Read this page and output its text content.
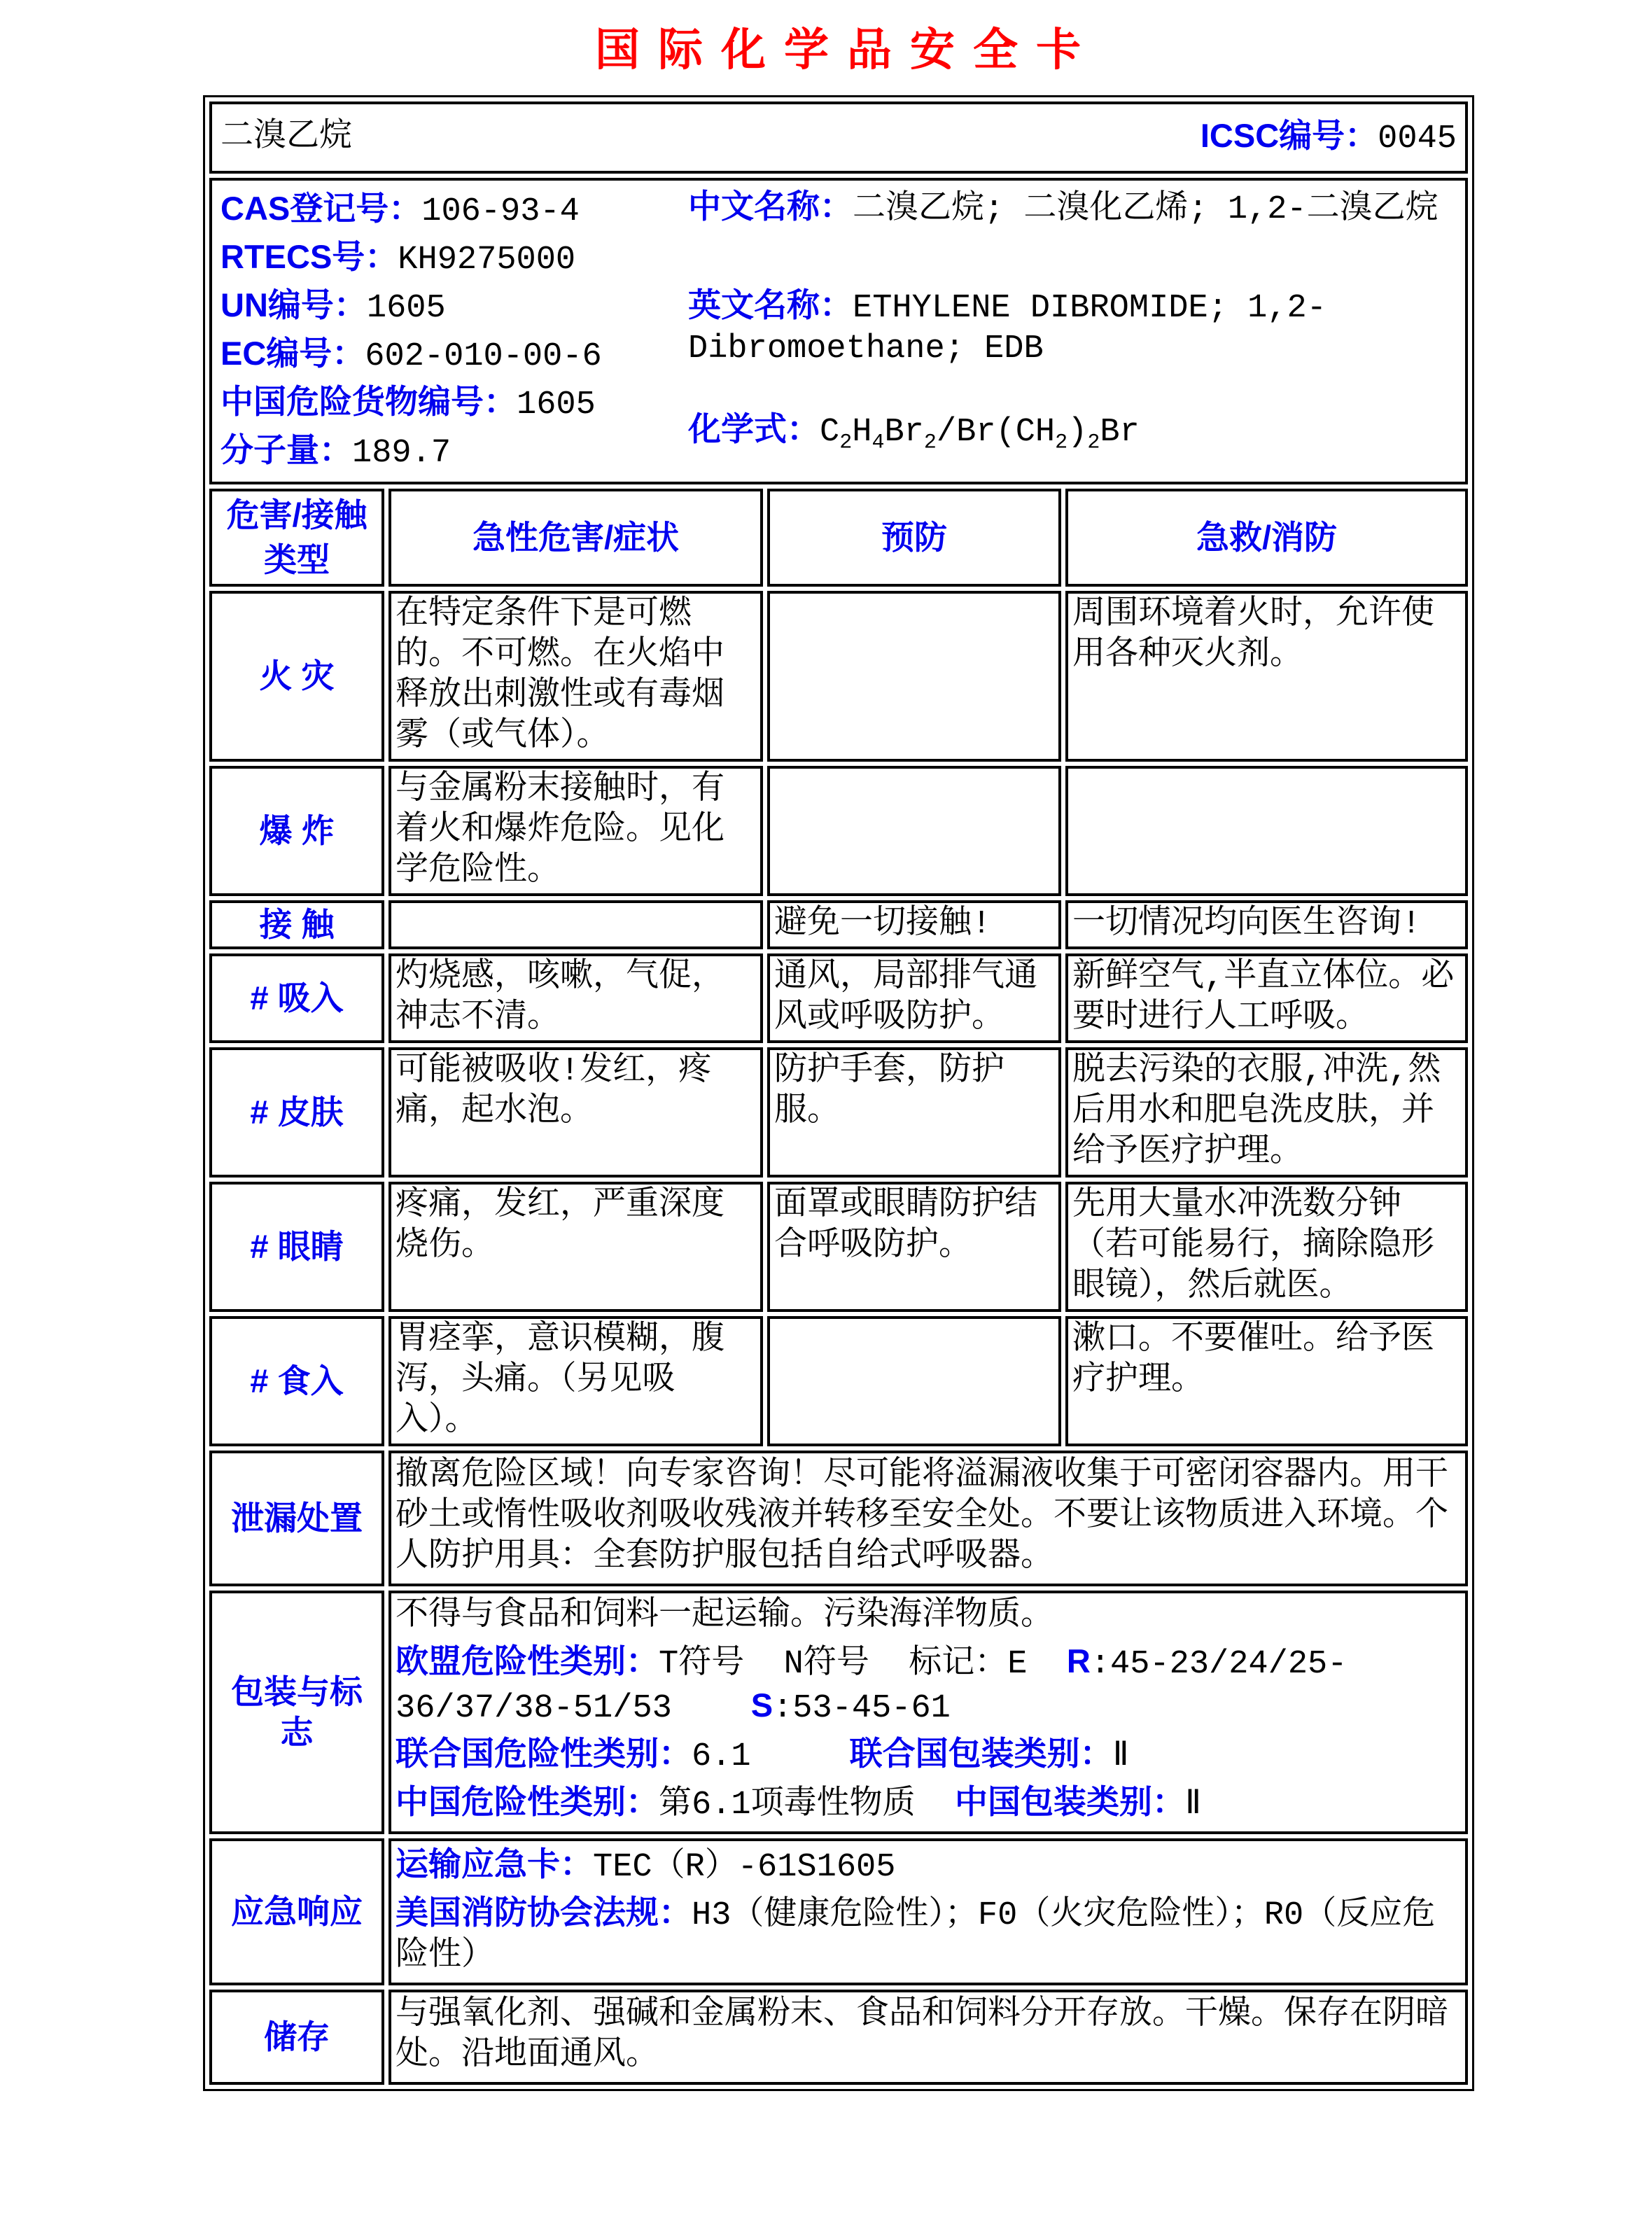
国际化学品安全卡
二溴乙烷 ICSC编号：0045			

CAS登记号：106-93-4

RTECS号：KH9275000

UN编号：1605

EC编号：602-010-00-6

中国危险货物编号：1605

分子量：189.7

中文名称：二溴乙烷; 二溴化乙烯; 1,2-二溴乙烷

英文名称：ETHYLENE DIBROMIDE; 1,2-Dibromoethane; EDB

化学式：$C_2H_4Br_2/Br(CH_2)_2Br$

危害/接触类型	急性危害/症状	预防	急救/消防
火 灾	在特定条件下是可燃的。不可燃。在火焰中释放出刺激性或有毒烟雾（或气体）。		周围环境着火时，允许使用各种灭火剂。
爆 炸	与金属粉末接触时，有着火和爆炸危险。见化学危险性。		
接 触		避免一切接触!	一切情况均向医生咨询!
# 吸入	灼烧感，咳嗽，气促，神志不清。	通风，局部排气通风或呼吸防护。	新鲜空气,半直立体位。必要时进行人工呼吸。
# 皮肤	可能被吸收!发红，疼痛，起水泡。	防护手套，防护服。	脱去污染的衣服,冲洗,然后用水和肥皂洗皮肤，并给予医疗护理。
# 眼睛	疼痛，发红，严重深度烧伤。	面罩或眼睛防护结合呼吸防护。	先用大量水冲洗数分钟（若可能易行，摘除隐形眼镜），然后就医。
# 食入	胃痉挛，意识模糊，腹泻，头痛。（另见吸入）。		漱口。不要催吐。给予医疗护理。
泄漏处置	撤离危险区域！向专家咨询！尽可能将溢漏液收集于可密闭容器内。用干砂土或惰性吸收剂吸收残液并转移至安全处。不要让该物质进入环境。个人防护用具：全套防护服包括自给式呼吸器。		

包装与标志	不得与食品和饲料一起运输。污染海洋物质。

欧盟危险性类别：T符号  N符号  标记：E  R:45-23/24/25-36/37/38-51/53    S:53-45-61

联合国危险性类别：6.1     联合国包装类别：Ⅱ

中国危险性类别：第6.1项毒性物质  中国包装类别：Ⅱ		

应急响应	运输应急卡：TEC（R）-61S1605

美国消防协会法规：H3（健康危险性）；F0（火灾危险性）；R0（反应危险性）		

储存	与强氧化剂、强碱和金属粉末、食品和饲料分开存放。干燥。保存在阴暗处。沿地面通风。		
